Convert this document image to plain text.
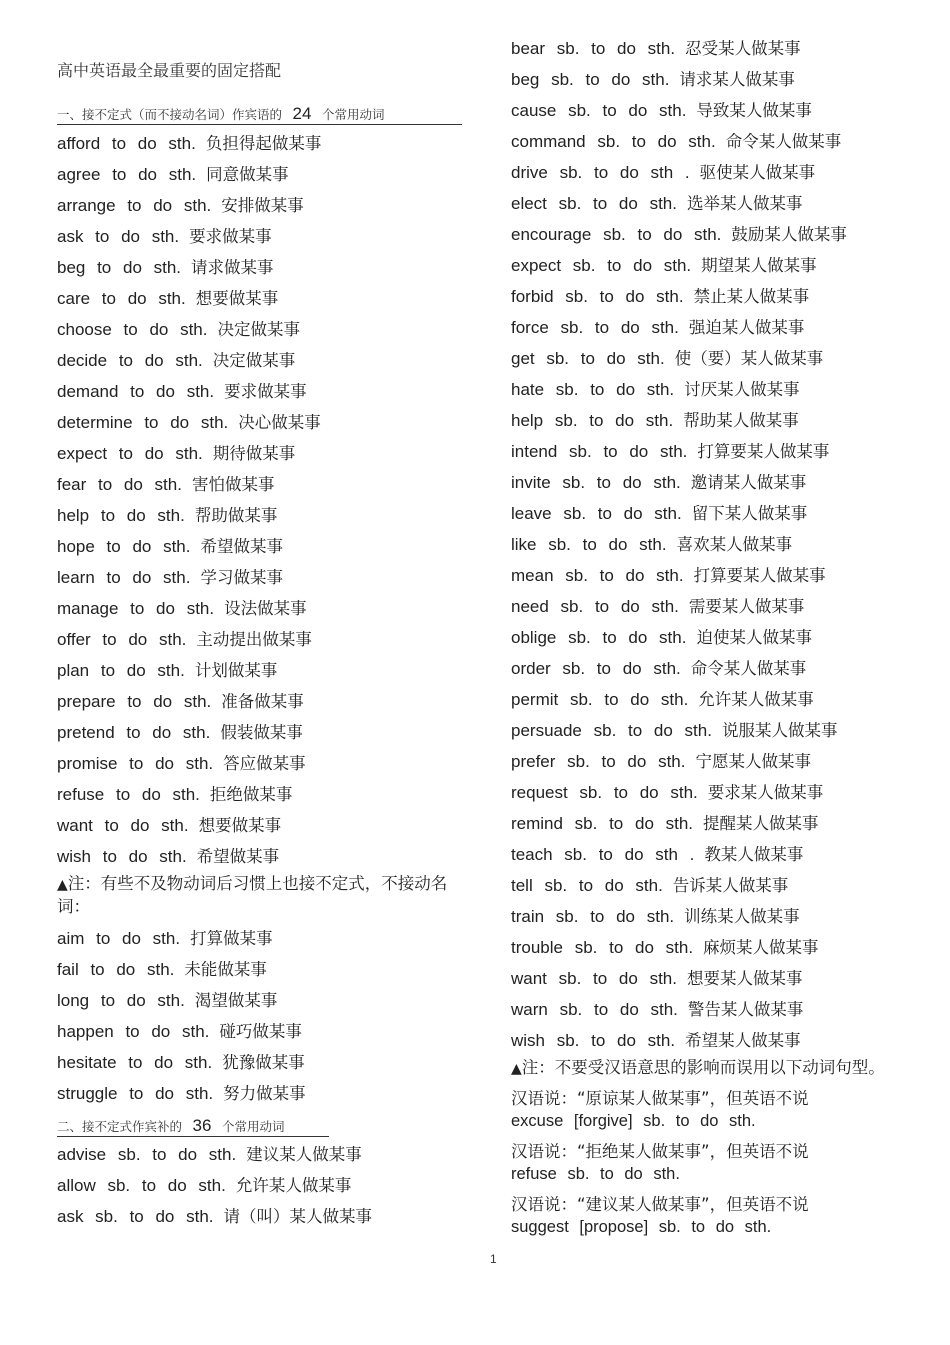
高中英语最全最重要的固定搭配
一、接不定式（而不接动名词）作宾语的 24 个常用动词
afford to do sth. 负担得起做某事
agree to do sth. 同意做某事
arrange to do sth. 安排做某事
ask to do sth. 要求做某事
beg to do sth. 请求做某事
care to do sth. 想要做某事
choose to do sth. 决定做某事
decide to do sth. 决定做某事
demand to do sth. 要求做某事
determine to do sth. 决心做某事
expect to do sth. 期待做某事
fear to do sth. 害怕做某事
help to do sth. 帮助做某事
hope to do sth. 希望做某事
learn to do sth. 学习做某事
manage to do sth. 设法做某事
offer to do sth. 主动提出做某事
plan to do sth. 计划做某事
prepare to do sth. 准备做某事
pretend to do sth. 假装做某事
promise to do sth. 答应做某事
refuse to do sth. 拒绝做某事
want to do sth. 想要做某事
wish to do sth. 希望做某事
▲注：有些不及物动词后习惯上也接不定式，不接动名词：
aim to do sth. 打算做某事
fail to do sth. 未能做某事
long to do sth. 渴望做某事
happen to do sth. 碰巧做某事
hesitate to do sth. 犹豫做某事
struggle to do sth. 努力做某事
二、接不定式作宾补的 36 个常用动词
advise sb. to do sth. 建议某人做某事
allow sb. to do sth. 允许某人做某事
ask sb. to do sth. 请（叫）某人做某事
bear sb. to do sth. 忍受某人做某事
beg sb. to do sth. 请求某人做某事
cause sb. to do sth. 导致某人做某事
command sb. to do sth. 命令某人做某事
drive sb. to do sth . 驱使某人做某事
elect sb. to do sth. 选举某人做某事
encourage sb. to do sth. 鼓励某人做某事
expect sb. to do sth. 期望某人做某事
forbid sb. to do sth. 禁止某人做某事
force sb. to do sth. 强迫某人做某事
get sb. to do sth. 使（要）某人做某事
hate sb. to do sth. 讨厌某人做某事
help sb. to do sth. 帮助某人做某事
intend sb. to do sth. 打算要某人做某事
invite sb. to do sth. 邀请某人做某事
leave sb. to do sth. 留下某人做某事
like sb. to do sth. 喜欢某人做某事
mean sb. to do sth. 打算要某人做某事
need sb. to do sth. 需要某人做某事
oblige sb. to do sth. 迫使某人做某事
order sb. to do sth. 命令某人做某事
permit sb. to do sth. 允许某人做某事
persuade sb. to do sth. 说服某人做某事
prefer sb. to do sth. 宁愿某人做某事
request sb. to do sth. 要求某人做某事
remind sb. to do sth. 提醒某人做某事
teach sb. to do sth . 教某人做某事
tell sb. to do sth. 告诉某人做某事
train sb. to do sth. 训练某人做某事
trouble sb. to do sth. 麻烦某人做某事
want sb. to do sth. 想要某人做某事
warn sb. to do sth. 警告某人做某事
wish sb. to do sth. 希望某人做某事
▲注：不要受汉语意思的影响而误用以下动词句型。
汉语说：“原谅某人做某事”，但英语不说
excuse [forgive] sb. to do sth.
汉语说：“拒绝某人做某事”，但英语不说
refuse sb. to do sth.
汉语说：“建议某人做某事”，但英语不说
suggest [propose] sb. to do sth.
1
